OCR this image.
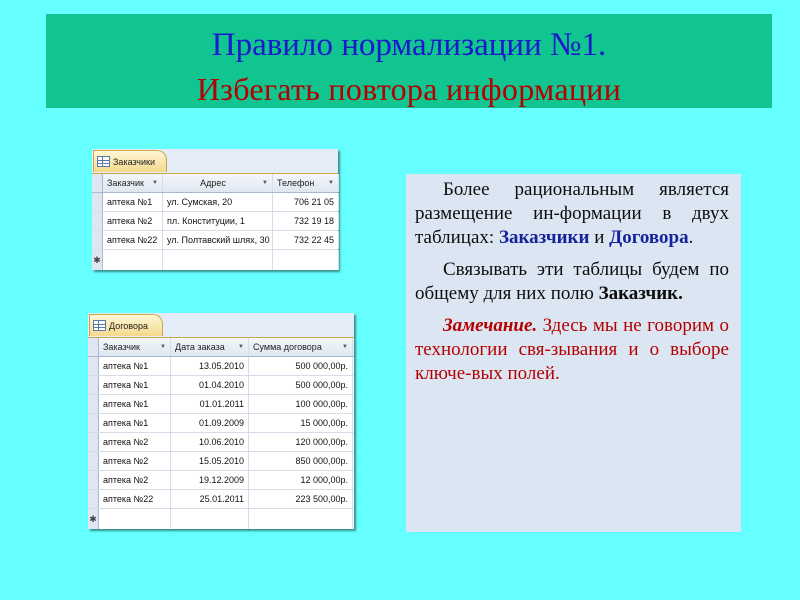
Правило нормализации №1.
Избегать повтора информации
Заказчики
Заказчик ▼	Адрес	▼ Телефон ▼
аптека №1	ул. Сумская, 20	706 21 05
аптека №2	пл. Конституции, 1	732 19 18
аптека №22	ул. Полтавский шлях, 30	732 22 45
✱
Договора
Заказчик	▼ Дата заказа ▼ Сумма договора	▼
аптека №1	13.05.2010	500 000,00р.
аптека №1	01.04.2010	500 000,00р.
аптека №1	01.01.2011	100 000,00р.
аптека №1	01.09.2009	15 000,00р.
аптека №2	10.06.2010	120 000,00р.
аптека №2	15.05.2010	850 000,00р.
аптека №2	19.12.2009	12 000,00р.
аптека №22	25.01.2011	223 500,00р.
✱

Более рациональным является размещение ин-формации в двух таблицах: Заказчики и Договора.

Связывать эти таблицы будем по общему для них полю Заказчик.

Замечание. Здесь мы не говорим о технологии свя-зывания и о выборе ключе-вых полей.
